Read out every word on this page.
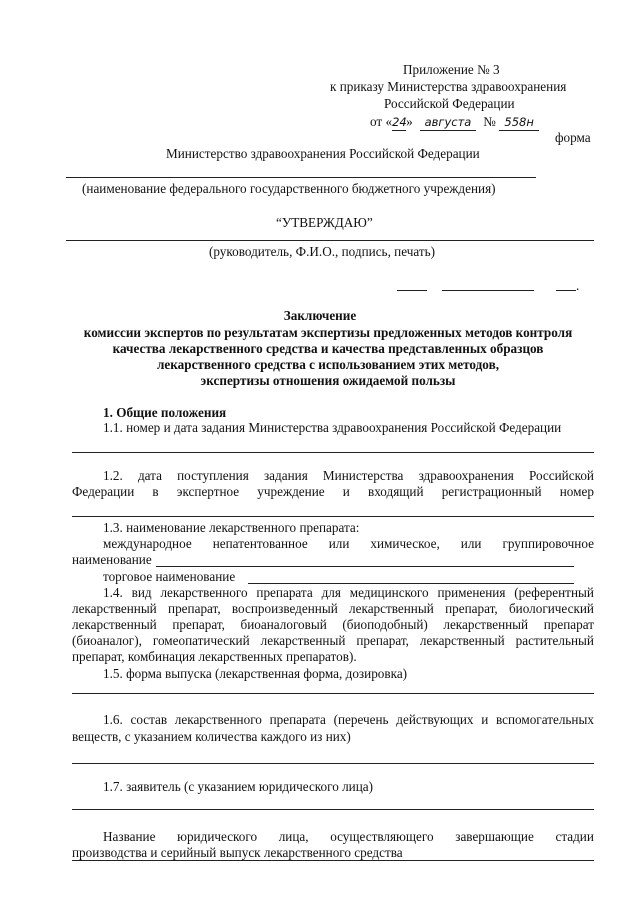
Приложение № 3
к приказу Министерства здравоохранения
Российской Федерации
от «24» августа № 558н
форма
Министерство здравоохранения Российской Федерации
(наименование федерального государственного бюджетного учреждения)
“УТВЕРЖДАЮ”
(руководитель, Ф.И.О., подпись, печать)
.
Заключение
комиссии экспертов по результатам экспертизы предложенных методов контроля
качества лекарственного средства и качества представленных образцов
лекарственного средства с использованием этих методов,
экспертизы отношения ожидаемой пользы
1. Общие положения
1.1. номер и дата задания Министерства здравоохранения Российской Федерации
1.2. дата поступления задания Министерства здравоохранения Российской
Федерации в экспертное учреждение и входящий регистрационный номер
1.3. наименование лекарственного препарата:
международное непатентованное или химическое, или группировочное
наименование
торговое наименование
1.4. вид лекарственного препарата для медицинского применения (референтный
лекарственный препарат, воспроизведенный лекарственный препарат, биологический
лекарственный препарат, биоаналоговый (биоподобный) лекарственный препарат
(биоаналог), гомеопатический лекарственный препарат, лекарственный растительный
препарат, комбинация лекарственных препаратов).
1.5. форма выпуска (лекарственная форма, дозировка)
1.6. состав лекарственного препарата (перечень действующих и вспомогательных
веществ, с указанием количества каждого из них)
1.7. заявитель (с указанием юридического лица)
Название юридического лица, осуществляющего завершающие стадии
производства и серийный выпуск лекарственного средства
